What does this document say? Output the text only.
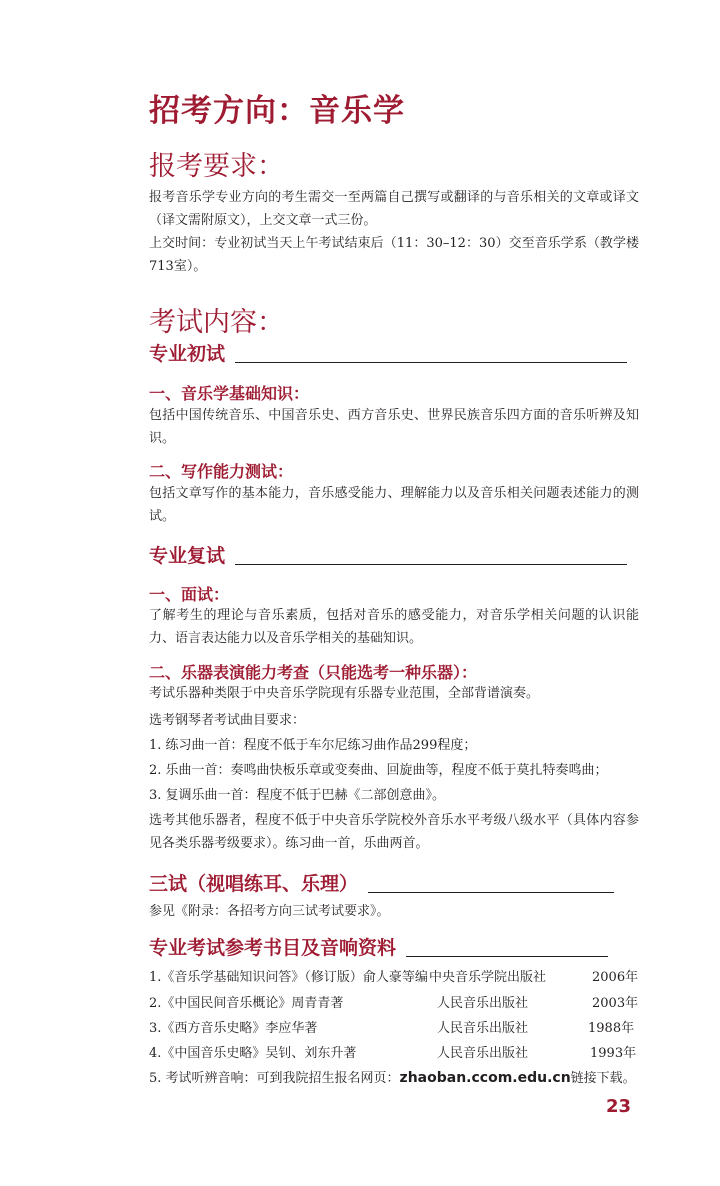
招考方向：音乐学
报考要求：
报考音乐学专业方向的考生需交一至两篇自己撰写或翻译的与音乐相关的文章或译文（译文需附原文），上交文章一式三份。
上交时间：专业初试当天上午考试结束后（11：30–12：30）交至音乐学系（教学楼713室）。
考试内容：
专业初试
一、音乐学基础知识：
包括中国传统音乐、中国音乐史、西方音乐史、世界民族音乐四方面的音乐听辨及知识。
二、写作能力测试：
包括文章写作的基本能力，音乐感受能力、理解能力以及音乐相关问题表述能力的测试。
专业复试
一、面试：
了解考生的理论与音乐素质，包括对音乐的感受能力，对音乐学相关问题的认识能力、语言表达能力以及音乐学相关的基础知识。
二、乐器表演能力考查（只能选考一种乐器）：
考试乐器种类限于中央音乐学院现有乐器专业范围，全部背谱演奏。
选考钢琴者考试曲目要求：
1. 练习曲一首：程度不低于车尔尼练习曲作品299程度；
2. 乐曲一首：奏鸣曲快板乐章或变奏曲、回旋曲等，程度不低于莫扎特奏鸣曲；
3. 复调乐曲一首：程度不低于巴赫《二部创意曲》。
选考其他乐器者，程度不低于中央音乐学院校外音乐水平考级八级水平（具体内容参见各类乐器考级要求）。练习曲一首，乐曲两首。
三试（视唱练耳、乐理）
参见《附录：各招考方向三试考试要求》。
专业考试参考书目及音响资料
1.《音乐学基础知识问答》（修订版）俞人豪等编 中央音乐学院出版社	2006年
2.《中国民间音乐概论》周青青著	人民音乐出版社	2003年
3.《西方音乐史略》李应华著	人民音乐出版社	1988年
4.《中国音乐史略》吴钊、刘东升著	人民音乐出版社	1993年
5. 考试听辨音响：可到我院招生报名网页：zhaoban.ccom.edu.cn链接下载。
23
